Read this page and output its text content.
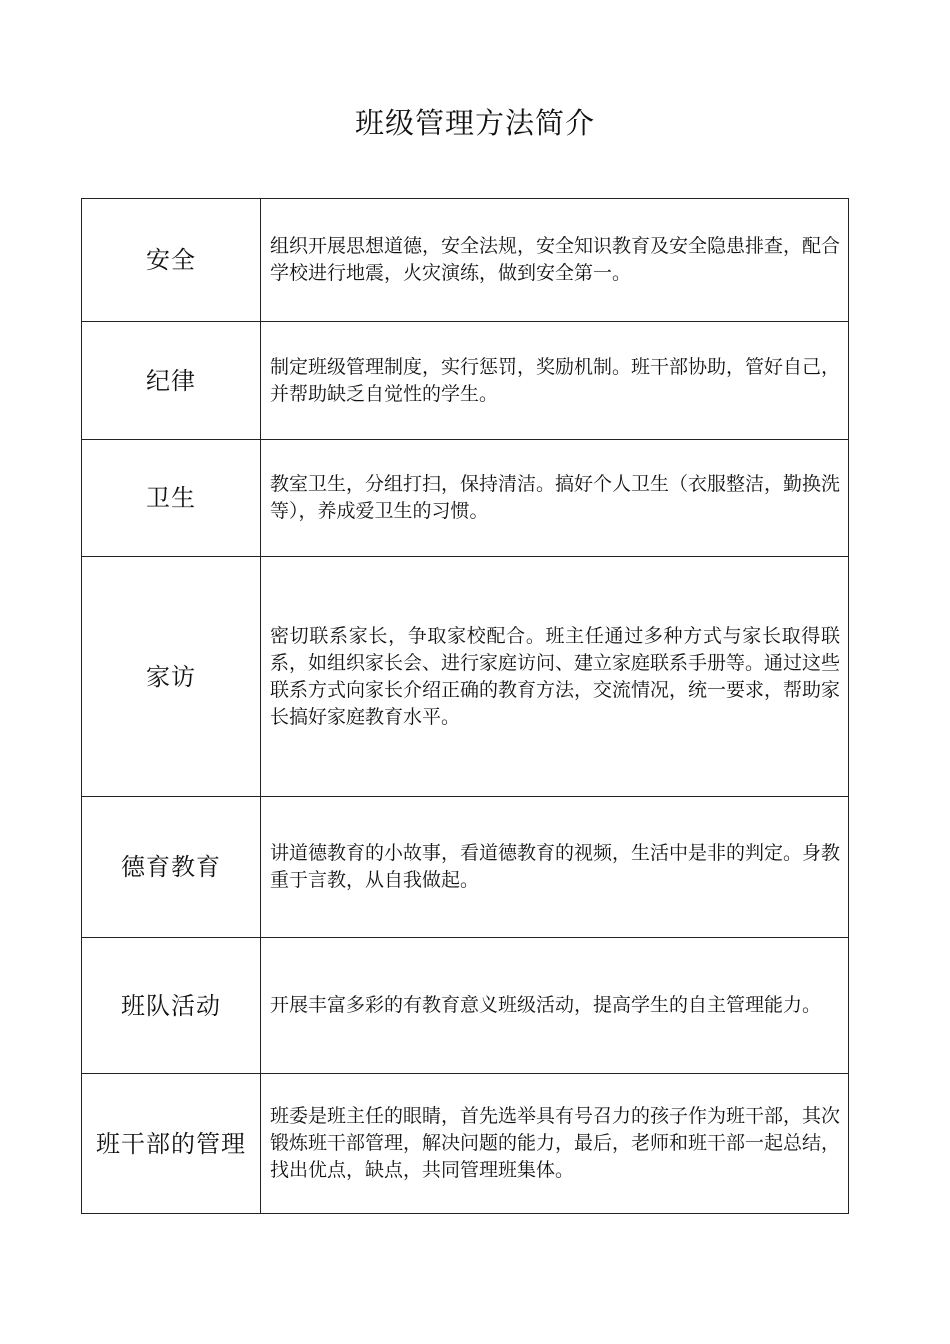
班级管理方法简介
安全	组织开展思想道德，安全法规，安全知识教育及安全隐患排查，配合学校进行地震，火灾演练，做到安全第一。
纪律	制定班级管理制度，实行惩罚，奖励机制。班干部协助，管好自己，并帮助缺乏自觉性的学生。
卫生	教室卫生，分组打扫，保持清洁。搞好个人卫生（衣服整洁，勤换洗等），养成爱卫生的习惯。
家访	密切联系家长，争取家校配合。班主任通过多种方式与家长取得联系，如组织家长会、进行家庭访问、建立家庭联系手册等。通过这些联系方式向家长介绍正确的教育方法，交流情况，统一要求，帮助家长搞好家庭教育水平。
德育教育	讲道德教育的小故事，看道德教育的视频，生活中是非的判定。身教重于言教，从自我做起。
班队活动	开展丰富多彩的有教育意义班级活动，提高学生的自主管理能力。
班干部的管理	班委是班主任的眼睛，首先选举具有号召力的孩子作为班干部，其次锻炼班干部管理，解决问题的能力，最后，老师和班干部一起总结，找出优点，缺点，共同管理班集体。
